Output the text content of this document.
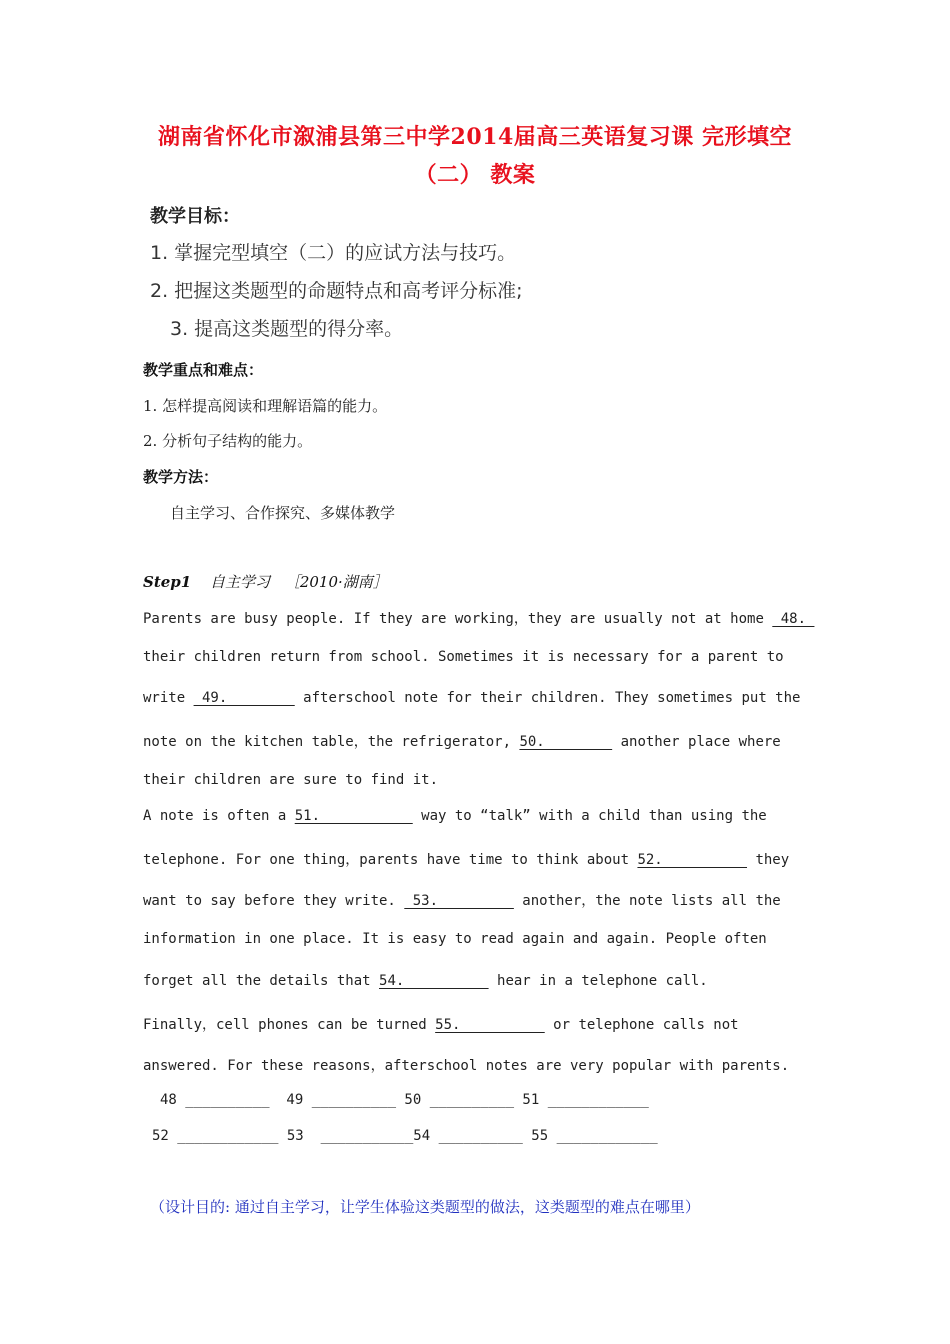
湖南省怀化市溆浦县第三中学2014届高三英语复习课 完形填空
（二） 教案
教学目标：
1. 掌握完型填空（二）的应试方法与技巧。
2. 把握这类题型的命题特点和高考评分标准;
3. 提高这类题型的得分率。
教学重点和难点：
1. 怎样提高阅读和理解语篇的能力。
2. 分析句子结构的能力。
教学方法：
自主学习、合作探究、多媒体教学
Step1 自主学习 ［2010·湖南］
Parents are busy people. If they are working，they are usually not at home  48.
their children return from school. Sometimes it is necessary for a parent to
write  49.         afterschool note for their children. They sometimes put the
note on the kitchen table，the refrigerator, 50.         another place where
their children are sure to find it.
A note is often a 51.            way to “talk” with a child than using the
telephone. For one thing，parents have time to think about 52.           they
want to say before they write.  53.          another，the note lists all the
information in one place. It is easy to read again and again. People often
forget all the details that 54.           hear in a telephone call.
Finally，cell phones can be turned 55.           or telephone calls not
answered. For these reasons，afterschool notes are very popular with parents.
48 __________  49 __________ 50 __________ 51 ____________
52 ____________ 53  ___________54 __________ 55 ____________
（设计目的: 通过自主学习，让学生体验这类题型的做法，这类题型的难点在哪里）
